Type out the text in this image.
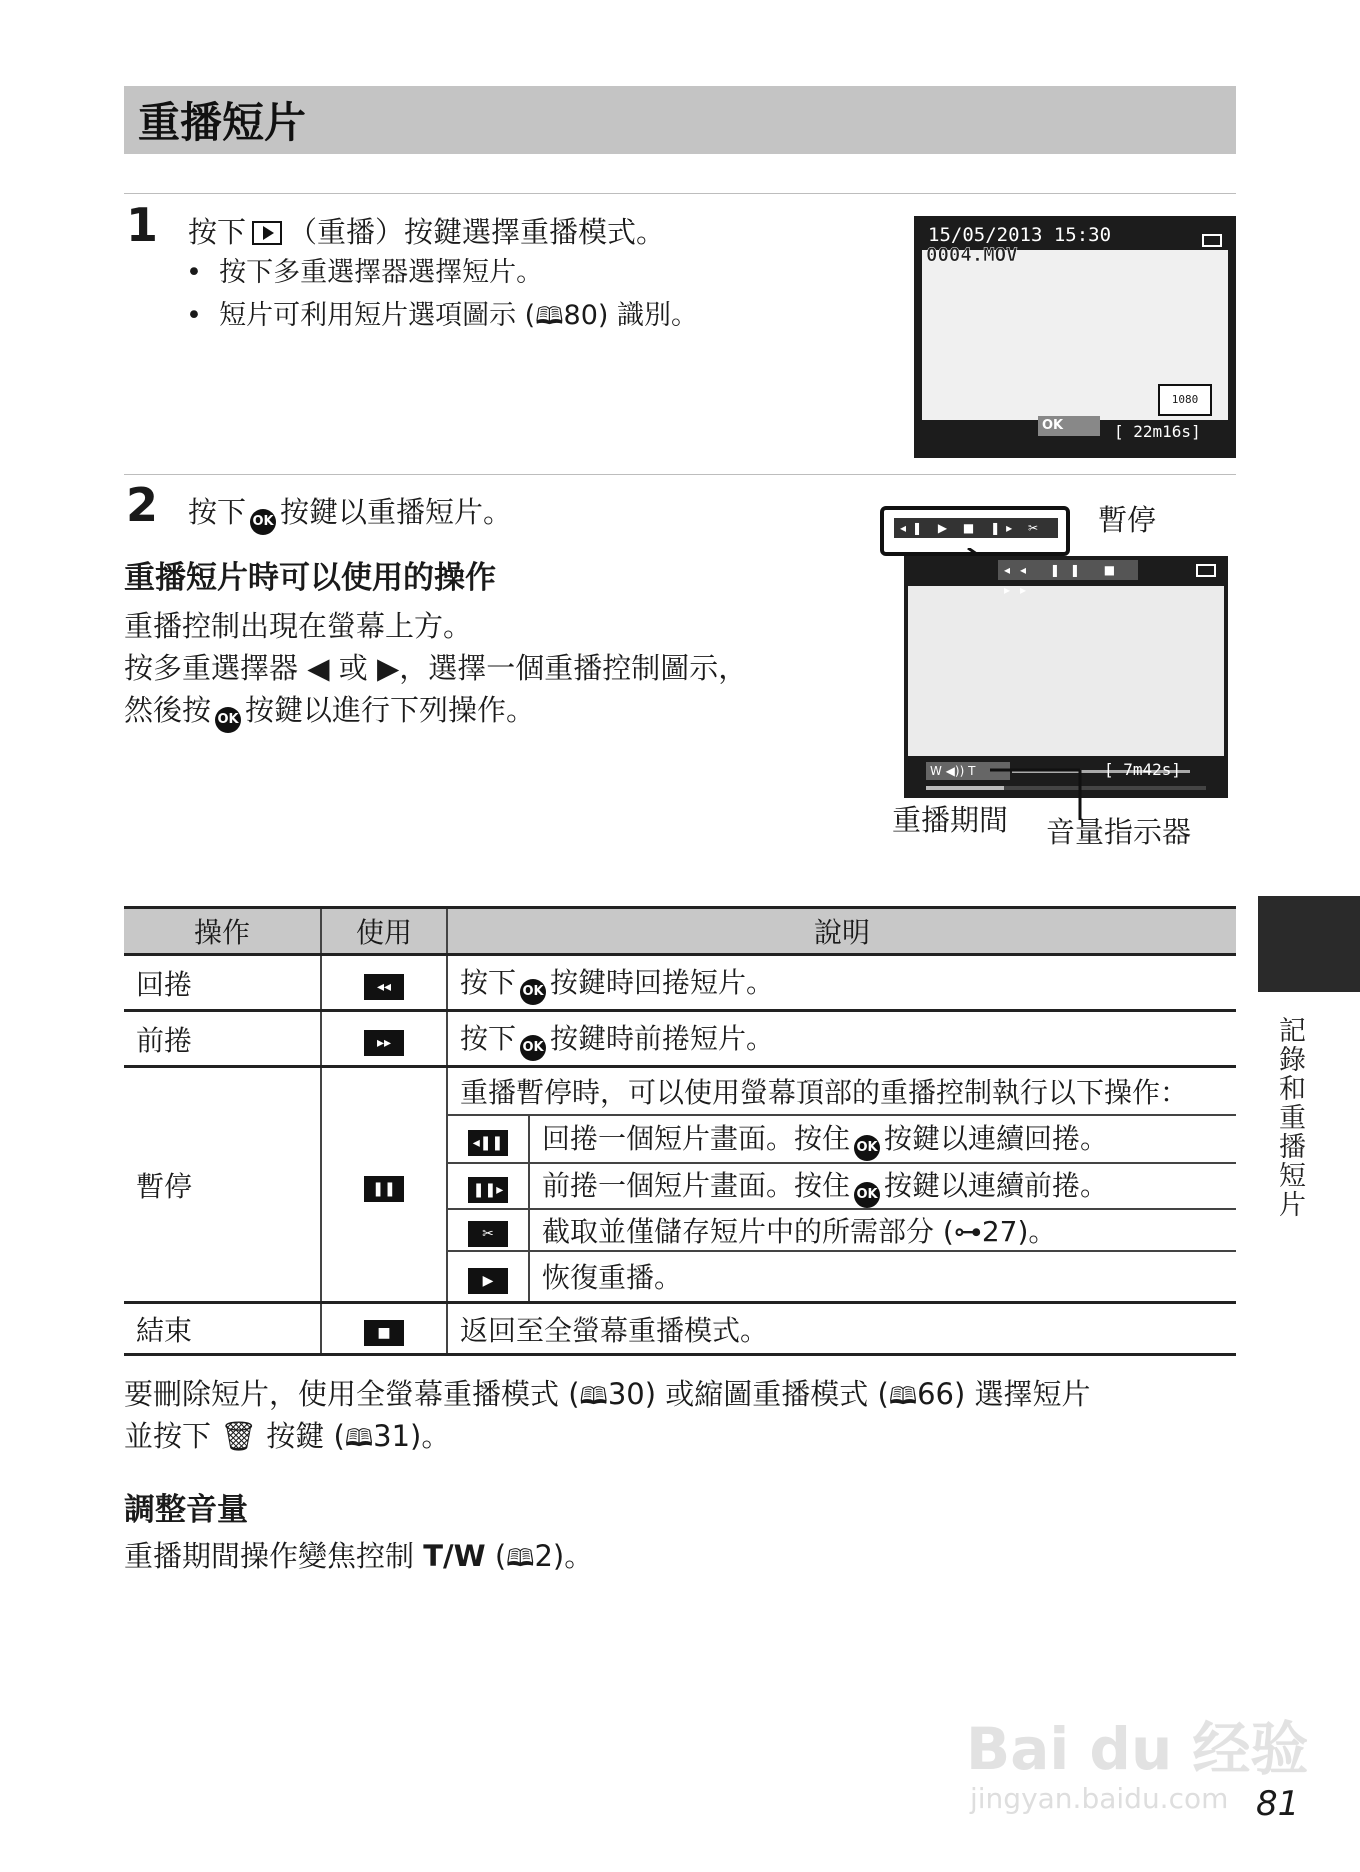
重播短片
1 按下 （重播）按鍵選擇重播模式。
•  按下多重選擇器選擇短片。
•  短片可利用短片選項圖示 (🕮80) 識別。
15/05/2013 15:30
0004.MOV
1080
OK	[ 22m16s]
2 按下 OK 按鍵以重播短片。
重播短片時可以使用的操作
重播控制出現在螢幕上方。
按多重選擇器 ◀ 或 ▶，選擇一個重播控制圖示，
然後按 OK 按鍵以進行下列操作。
◂❚ ▶ ■ ❚▸ ✂	暫停
◂◂ ❚❚ ■ ▸▸
W ◀)) T	[ 7m42s]
重播期間 音量指示器
操作	使用	說明	
回捲	◂◂	按下 OK 按鍵時回捲短片。	
前捲	▸▸	按下 OK 按鍵時前捲短片。	
暫停	❚❚	重播暫停時，可以使用螢幕頂部的重播控制執行以下操作：	
		◂❚❚	回捲一個短片畫面。按住 OK 按鍵以連續回捲。
		❚❚▸	前捲一個短片畫面。按住 OK 按鍵以連續前捲。
		✂	截取並僅儲存短片中的所需部分 (⊶27)。
		▶	恢復重播。
結束	■	返回至全螢幕重播模式。	
要刪除短片，使用全螢幕重播模式 (🕮30) 或縮圖重播模式 (🕮66) 選擇短片
並按下 🗑 按鍵 (🕮31)。
調整音量
重播期間操作變焦控制 T/W (🕮2)。
記錄和重播短片
Bai du 经验
jingyan.baidu.com 81
